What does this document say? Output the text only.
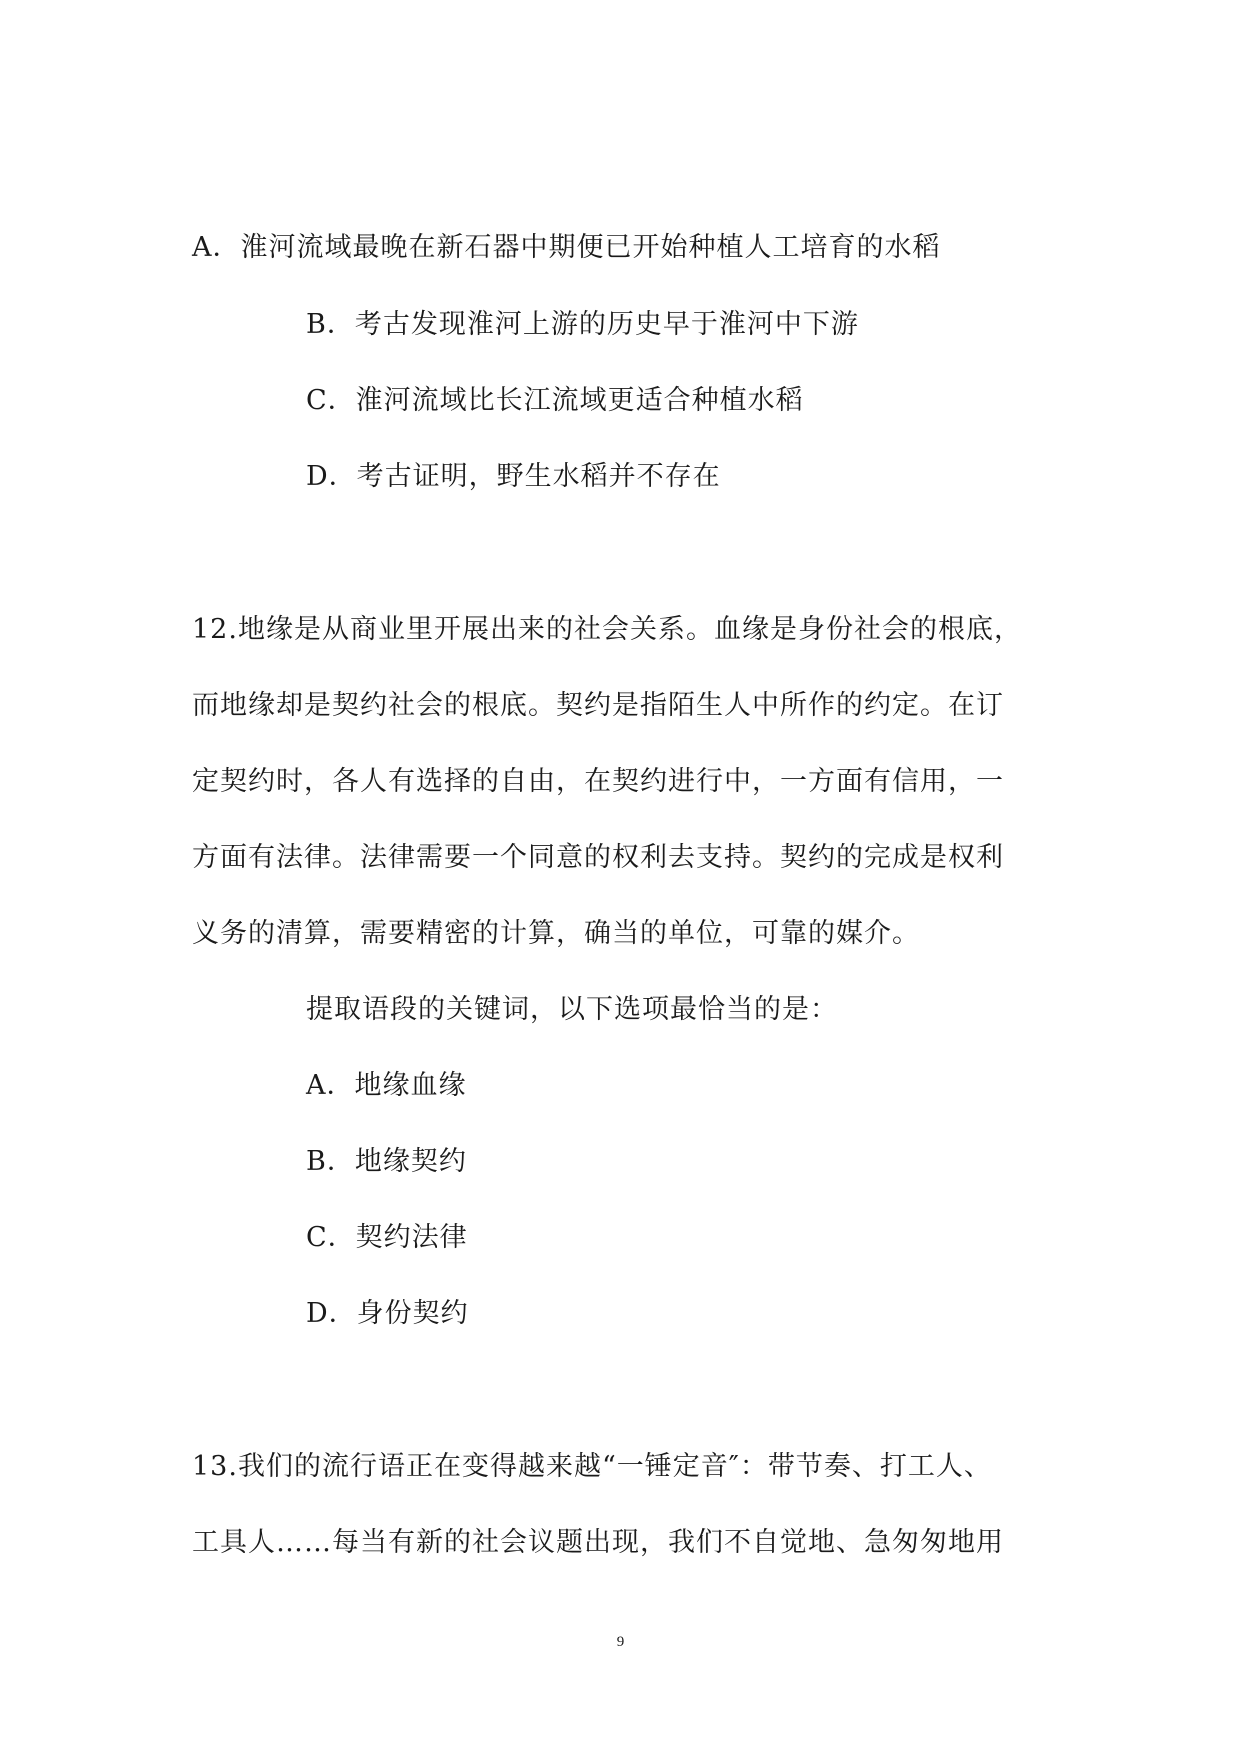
A．淮河流域最晚在新石器中期便已开始种植人工培育的水稻
B．考古发现淮河上游的历史早于淮河中下游
C．淮河流域比长江流域更适合种植水稻
D．考古证明，野生水稻并不存在
12.地缘是从商业里开展出来的社会关系。血缘是身份社会的根底，
而地缘却是契约社会的根底。契约是指陌生人中所作的约定。在订
定契约时，各人有选择的自由，在契约进行中，一方面有信用，一
方面有法律。法律需要一个同意的权利去支持。契约的完成是权利
义务的清算，需要精密的计算，确当的单位，可靠的媒介。
提取语段的关键词，以下选项最恰当的是：
A．地缘血缘
B．地缘契约
C．契约法律
D．身份契约
13.我们的流行语正在变得越来越“一锤定音″：带节奏、打工人、
工具人……每当有新的社会议题出现，我们不自觉地、急匆匆地用
9
